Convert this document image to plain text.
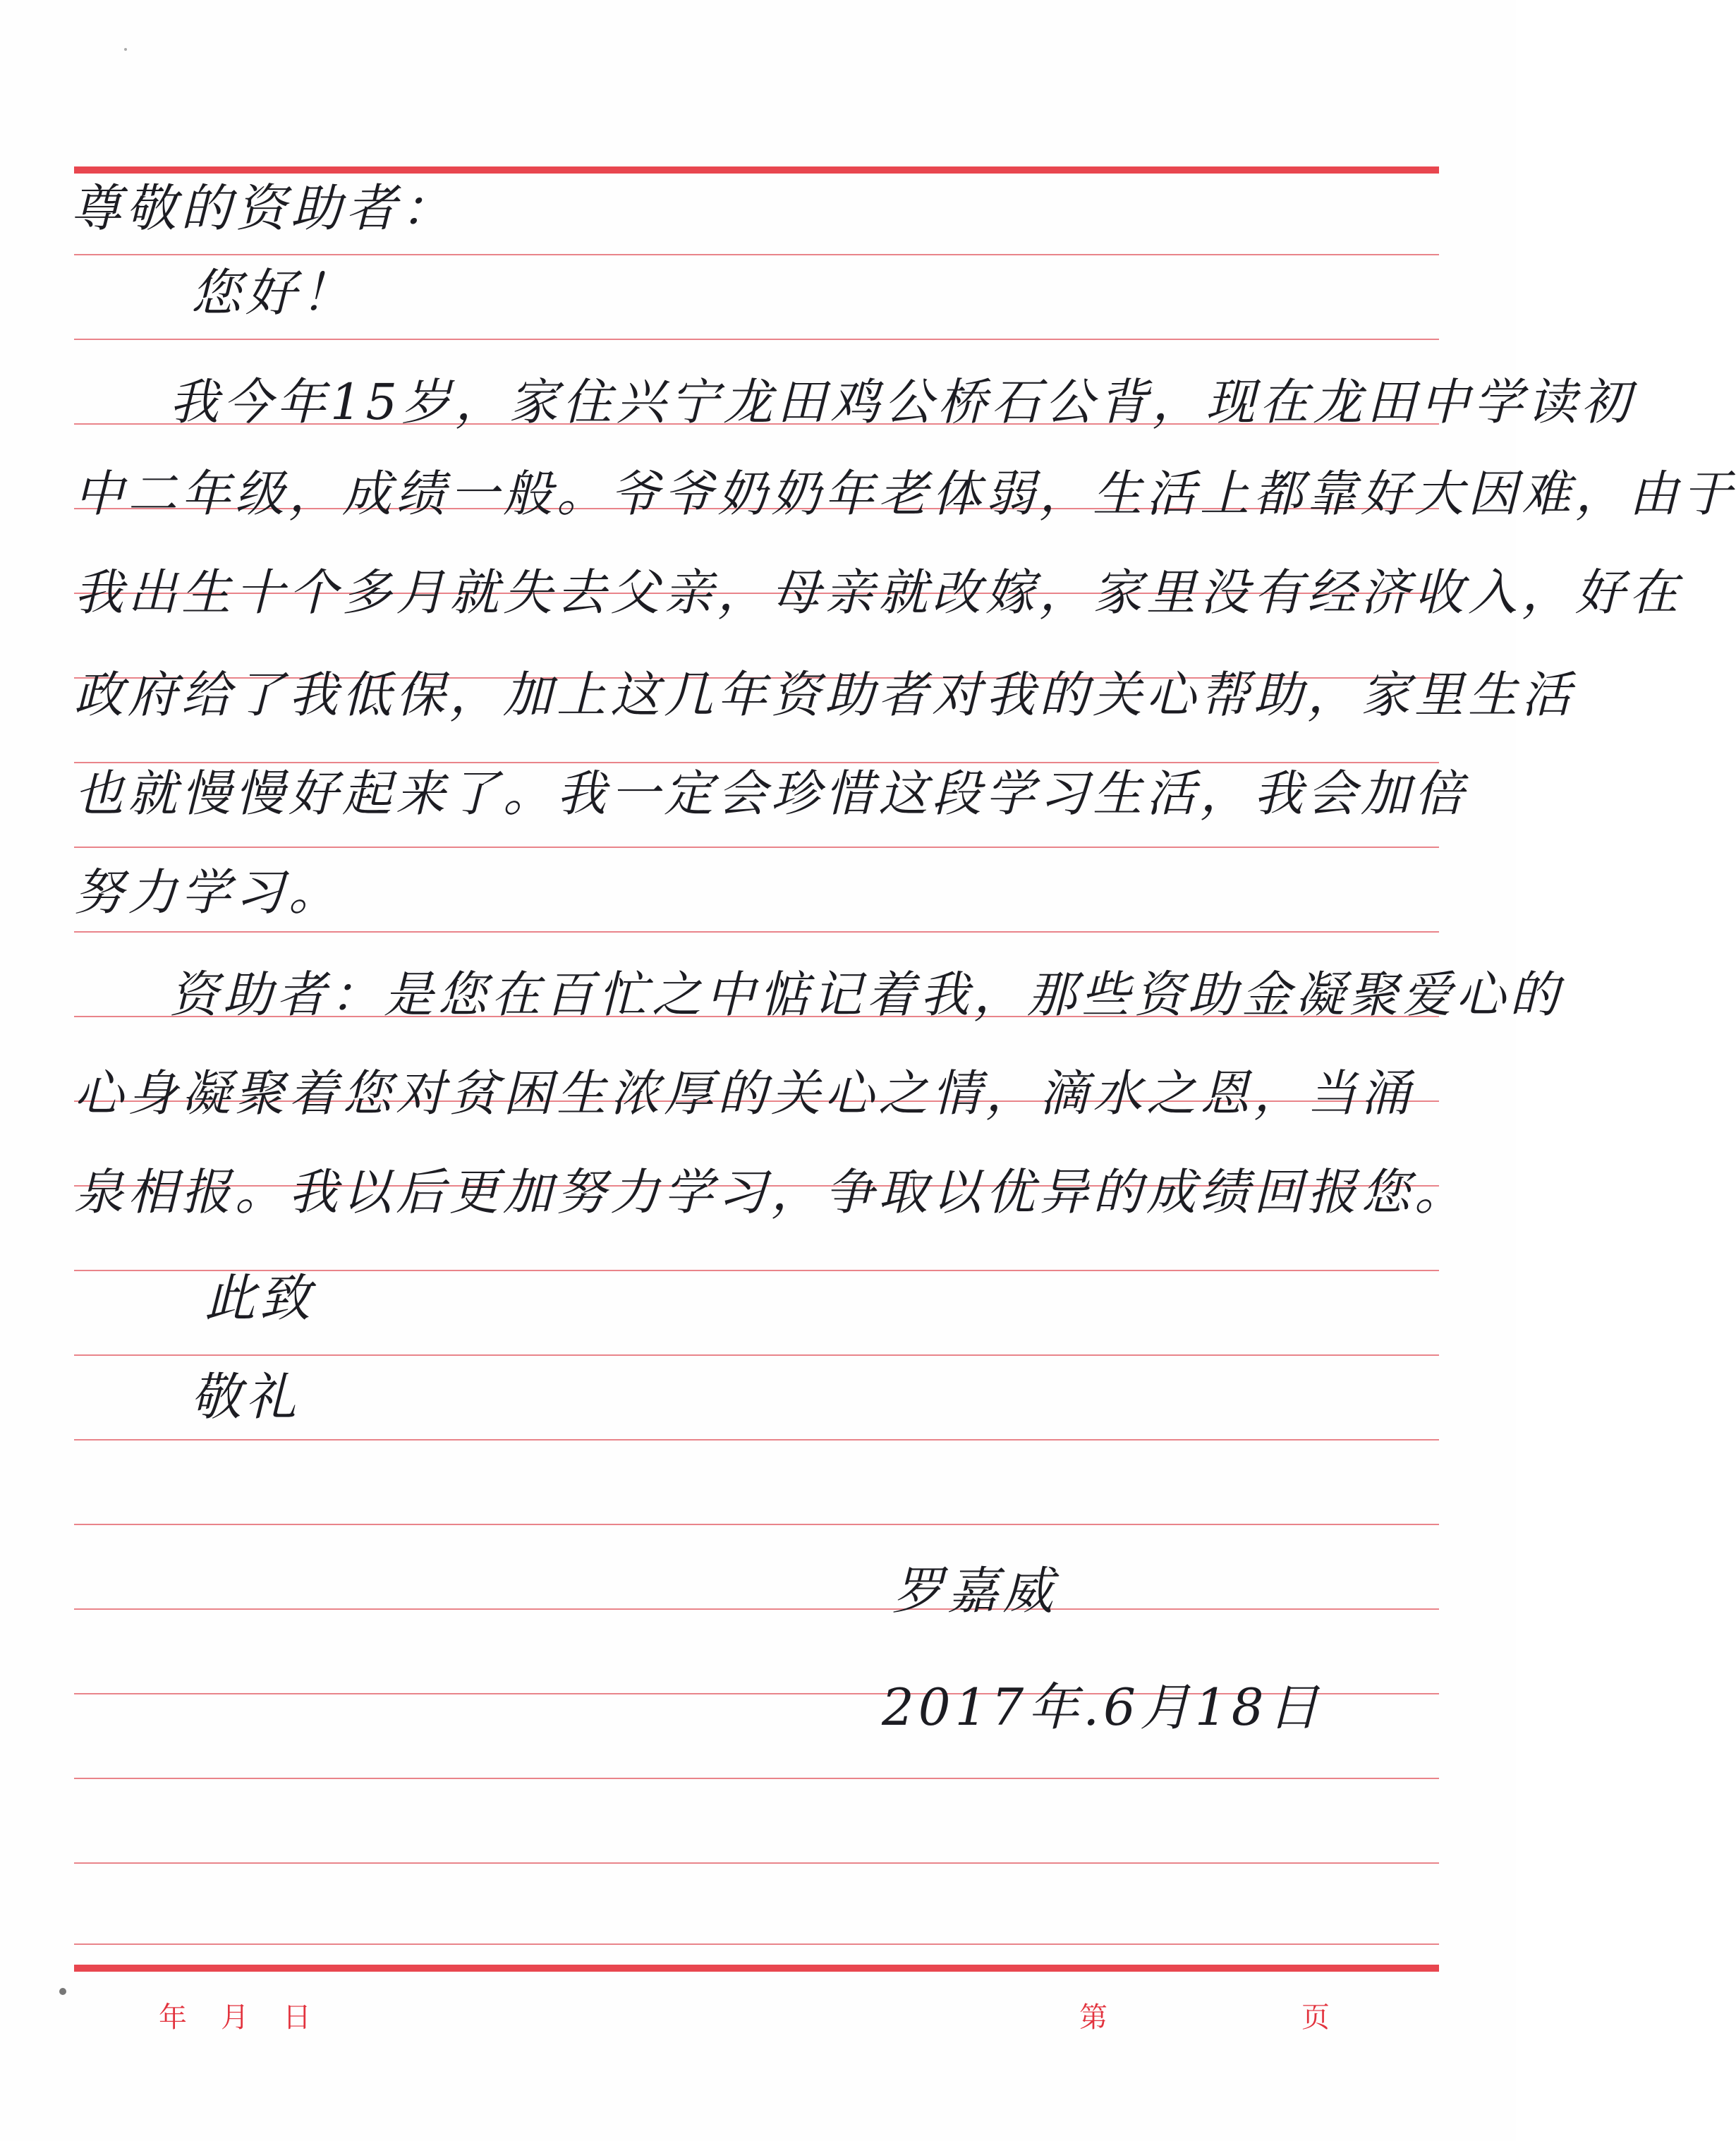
尊敬的资助者：
您好！
我今年15岁，家住兴宁龙田鸡公桥石公背，现在龙田中学读初
中二年级，成绩一般。爷爷奶奶年老体弱，生活上都靠好大因难，由于
我出生十个多月就失去父亲，母亲就改嫁，家里没有经济收入，好在
政府给了我低保，加上这几年资助者对我的关心帮助，家里生活
也就慢慢好起来了。我一定会珍惜这段学习生活，我会加倍
努力学习。
资助者：是您在百忙之中惦记着我，那些资助金凝聚爱心的
心身凝聚着您对贫困生浓厚的关心之情，滴水之恩，当涌
泉相报。我以后更加努力学习，争取以优异的成绩回报您。
此致
敬礼
罗嘉威
2017年.6月18日
年　月　日	第	页
